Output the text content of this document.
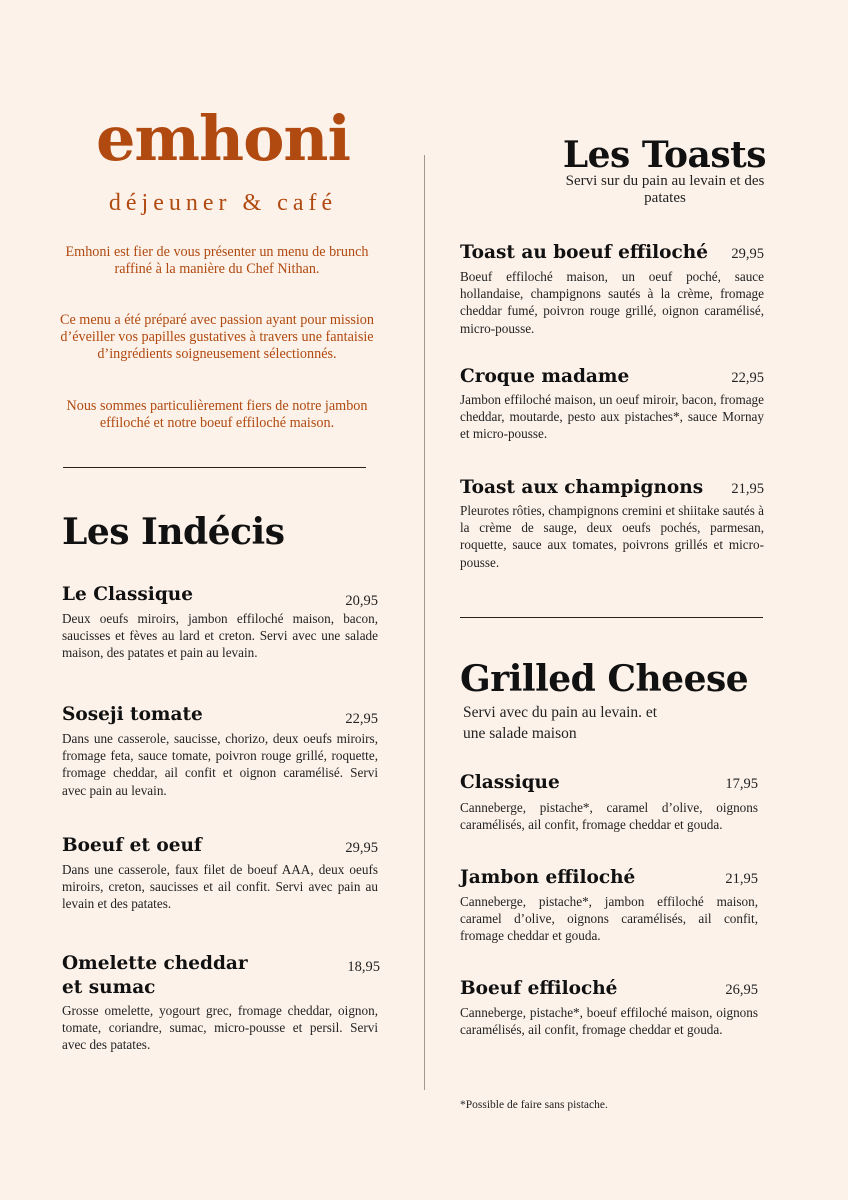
emhoni
déjeuner & café
Emhoni est fier de vous présenter un menu de brunch raffiné à la manière du Chef Nithan.
Ce menu a été préparé avec passion ayant pour mission d’éveiller vos papilles gustatives à travers une fantaisie d’ingrédients soigneusement sélectionnés.
Nous sommes particulièrement fiers de notre jambon effiloché et notre boeuf effiloché maison.
Les Indécis
Le Classique	20,95
Deux oeufs miroirs, jambon effiloché maison, bacon, saucisses et fèves au lard et creton. Servi avec une salade maison, des patates et pain au levain.
Soseji tomate	22,95
Dans une casserole, saucisse, chorizo, deux oeufs miroirs, fromage feta, sauce tomate, poivron rouge grillé, roquette, fromage cheddar, ail confit et oignon caramélisé. Servi avec pain au levain.
Boeuf et oeuf	29,95
Dans une casserole, faux filet de boeuf AAA, deux oeufs miroirs, creton, saucisses et ail confit. Servi avec pain au levain et des patates.
Omelette cheddar et sumac
18,95
Grosse omelette, yogourt grec, fromage cheddar, oignon, tomate, coriandre, sumac, micro-pousse et persil. Servi avec des patates.
Les Toasts
Servi sur du pain au levain et des patates
Toast au boeuf effiloché	29,95
Boeuf effiloché maison, un oeuf poché, sauce hollandaise, champignons sautés à la crème, fromage cheddar fumé, poivron rouge grillé, oignon caramélisé, micro-pousse.
Croque madame	22,95
Jambon effiloché maison, un oeuf miroir, bacon, fromage cheddar, moutarde, pesto aux pistaches*, sauce Mornay et micro-pousse.
Toast aux champignons	21,95
Pleurotes rôties, champignons cremini et shiitake sautés à la crème de sauge, deux oeufs pochés, parmesan, roquette, sauce aux tomates, poivrons grillés et micro-pousse.
Grilled Cheese
Servi avec du pain au levain. et une salade maison
Classique	17,95
Canneberge, pistache*, caramel d’olive, oignons caramélisés, ail confit, fromage cheddar et gouda.
Jambon effiloché	21,95
Canneberge, pistache*, jambon effiloché maison, caramel d’olive, oignons caramélisés, ail confit, fromage cheddar et gouda.
Boeuf effiloché	26,95
Canneberge, pistache*, boeuf effiloché maison, oignons caramélisés, ail confit, fromage cheddar et gouda.
*Possible de faire sans pistache.
